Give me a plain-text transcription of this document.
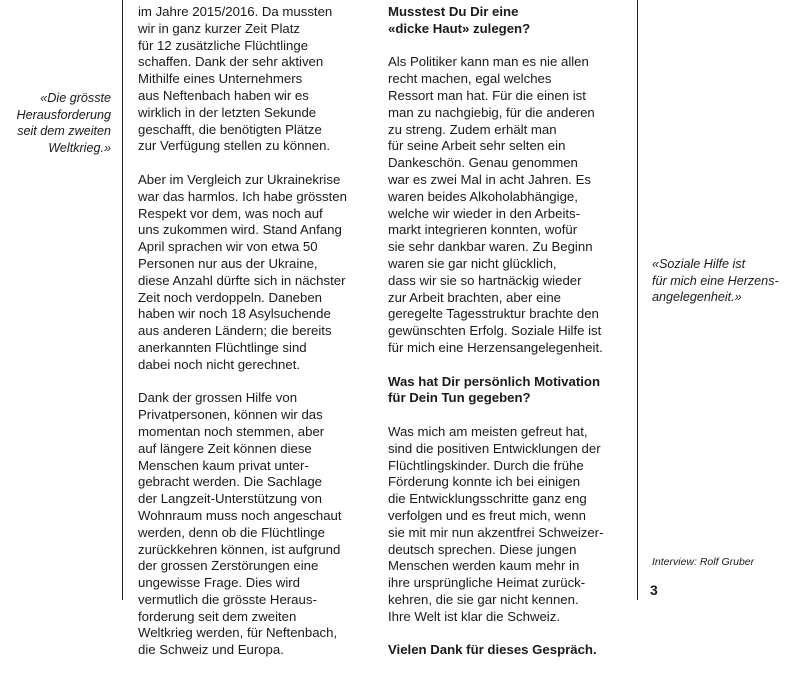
«Die grösste
Herausforderung
seit dem zweiten
Weltkrieg.»

im Jahre 2015/2016. Da mussten
wir in ganz kurzer Zeit Platz
für 12 zusätzliche Flüchtlinge
schaffen. Dank der sehr aktiven
Mithilfe eines Unternehmers
aus Neftenbach haben wir es
wirklich in der letzten Sekunde
geschafft, die benötigten Plätze
zur Verfügung stellen zu können.

Aber im Vergleich zur Ukrainekrise
war das harmlos. Ich habe grössten
Respekt vor dem, was noch auf
uns zukommen wird. Stand Anfang
April sprachen wir von etwa 50
Personen nur aus der Ukraine,
diese Anzahl dürfte sich in nächster
Zeit noch verdoppeln. Daneben
haben wir noch 18 Asylsuchende
aus anderen Ländern; die bereits
anerkannten Flüchtlinge sind
dabei noch nicht gerechnet.

Dank der grossen Hilfe von
Privatpersonen, können wir das
momentan noch stemmen, aber
auf längere Zeit können diese
Menschen kaum privat unter-
gebracht werden. Die Sachlage
der Langzeit-Unterstützung von
Wohnraum muss noch angeschaut
werden, denn ob die Flüchtlinge
zurückkehren können, ist aufgrund
der grossen Zerstörungen eine
ungewisse Frage. Dies wird
vermutlich die grösste Heraus-
forderung seit dem zweiten
Weltkrieg werden, für Neftenbach,
die Schweiz und Europa.

Musstest Du Dir eine
«dicke Haut» zulegen?

Als Politiker kann man es nie allen
recht machen, egal welches
Ressort man hat. Für die einen ist
man zu nachgiebig, für die anderen
zu streng. Zudem erhält man
für seine Arbeit sehr selten ein
Dankeschön. Genau genommen
war es zwei Mal in acht Jahren. Es
waren beides Alkoholabhängige,
welche wir wieder in den Arbeits-
markt integrieren konnten, wofür
sie sehr dankbar waren. Zu Beginn
waren sie gar nicht glücklich,
dass wir sie so hartnäckig wieder
zur Arbeit brachten, aber eine
geregelte Tagesstruktur brachte den
gewünschten Erfolg. Soziale Hilfe ist
für mich eine Herzensangelegenheit.

Was hat Dir persönlich Motivation
für Dein Tun gegeben?

Was mich am meisten gefreut hat,
sind die positiven Entwicklungen der
Flüchtlingskinder. Durch die frühe
Förderung konnte ich bei einigen
die Entwicklungsschritte ganz eng
verfolgen und es freut mich, wenn
sie mit mir nun akzentfrei Schweizer-
deutsch sprechen. Diese jungen
Menschen werden kaum mehr in
ihre ursprüngliche Heimat zurück-
kehren, die sie gar nicht kennen.
Ihre Welt ist klar die Schweiz.

Vielen Dank für dieses Gespräch.

«Soziale Hilfe ist
für mich eine Herzens-
angelegenheit.»

Interview: Rolf Gruber

3
